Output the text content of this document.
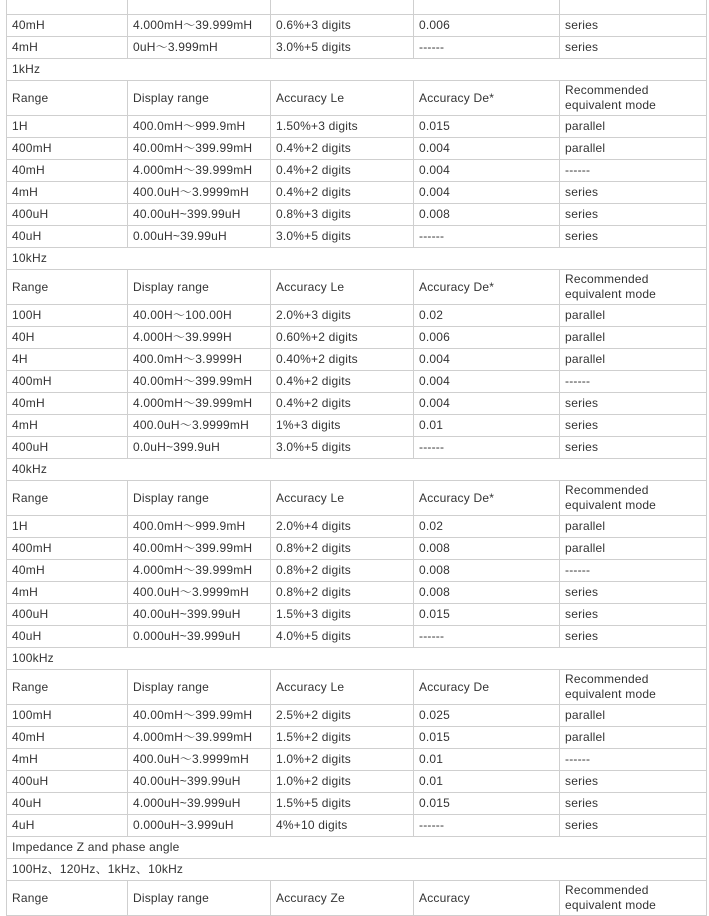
40mH	4.000mH～39.999mH	0.6%+3 digits	0.006	series
4mH	0uH～3.999mH	3.0%+5 digits	------	series
1kHz				
Range	Display range	Accuracy Le	Accuracy De*	Recommended equivalent mode
1H	400.0mH～999.9mH	1.50%+3 digits	0.015	parallel
400mH	40.00mH～399.99mH	0.4%+2 digits	0.004	parallel
40mH	4.000mH～39.999mH	0.4%+2 digits	0.004	------
4mH	400.0uH～3.9999mH	0.4%+2 digits	0.004	series
400uH	40.00uH~399.99uH	0.8%+3 digits	0.008	series
40uH	0.00uH~39.99uH	3.0%+5 digits	------	series
10kHz				
Range	Display range	Accuracy Le	Accuracy De*	Recommended equivalent mode
100H	40.00H～100.00H	2.0%+3 digits	0.02	parallel
40H	4.000H～39.999H	0.60%+2 digits	0.006	parallel
4H	400.0mH～3.9999H	0.40%+2 digits	0.004	parallel
400mH	40.00mH～399.99mH	0.4%+2 digits	0.004	------
40mH	4.000mH～39.999mH	0.4%+2 digits	0.004	series
4mH	400.0uH～3.9999mH	1%+3 digits	0.01	series
400uH	0.0uH~399.9uH	3.0%+5 digits	------	series
40kHz				
Range	Display range	Accuracy Le	Accuracy De*	Recommended equivalent mode
1H	400.0mH～999.9mH	2.0%+4 digits	0.02	parallel
400mH	40.00mH～399.99mH	0.8%+2 digits	0.008	parallel
40mH	4.000mH～39.999mH	0.8%+2 digits	0.008	------
4mH	400.0uH～3.9999mH	0.8%+2 digits	0.008	series
400uH	40.00uH~399.99uH	1.5%+3 digits	0.015	series
40uH	0.000uH~39.999uH	4.0%+5 digits	------	series
100kHz				
Range	Display range	Accuracy Le	Accuracy De	Recommended equivalent mode
100mH	40.00mH～399.99mH	2.5%+2 digits	0.025	parallel
40mH	4.000mH～39.999mH	1.5%+2 digits	0.015	parallel
4mH	400.0uH～3.9999mH	1.0%+2 digits	0.01	------
400uH	40.00uH~399.99uH	1.0%+2 digits	0.01	series
40uH	4.000uH~39.999uH	1.5%+5 digits	0.015	series
4uH	0.000uH~3.999uH	4%+10 digits	------	series
Impedance Z and phase angle				
100Hz、120Hz、1kHz、10kHz				
Range	Display range	Accuracy Ze	Accuracy	Recommended equivalent mode
